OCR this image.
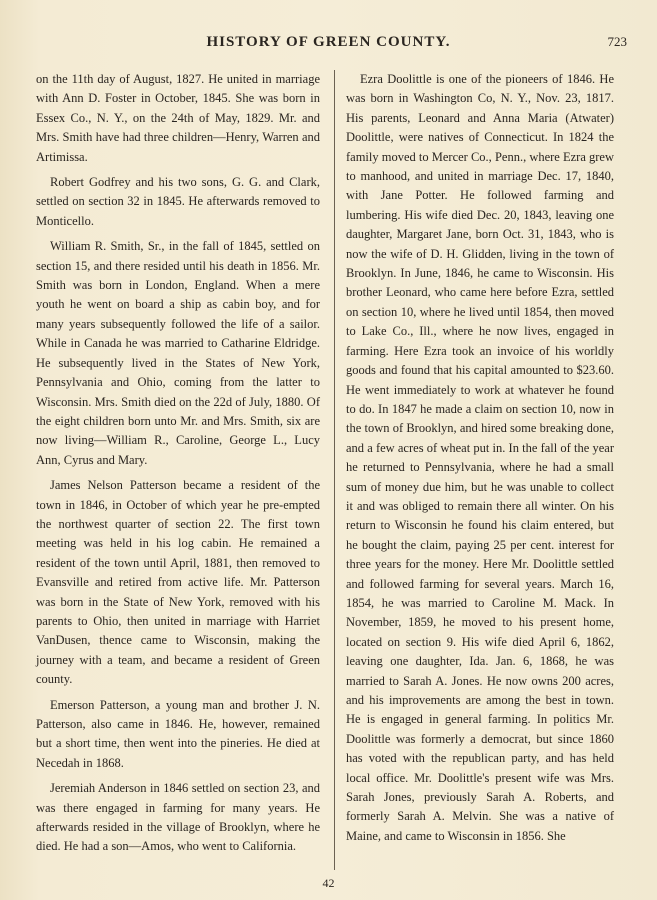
HISTORY OF GREEN COUNTY.	723

on the 11th day of August, 1827. He united in marriage with Ann D. Foster in October, 1845. She was born in Essex Co., N. Y., on the 24th of May, 1829. Mr. and Mrs. Smith have had three children—Henry, Warren and Artimissa.

Robert Godfrey and his two sons, G. G. and Clark, settled on section 32 in 1845. He afterwards removed to Monticello.

William R. Smith, Sr., in the fall of 1845, settled on section 15, and there resided until his death in 1856. Mr. Smith was born in London, England. When a mere youth he went on board a ship as cabin boy, and for many years subsequently followed the life of a sailor. While in Canada he was married to Catharine Eldridge. He subsequently lived in the States of New York, Pennsylvania and Ohio, coming from the latter to Wisconsin. Mrs. Smith died on the 22d of July, 1880. Of the eight children born unto Mr. and Mrs. Smith, six are now living—William R., Caroline, George L., Lucy Ann, Cyrus and Mary.

James Nelson Patterson became a resident of the town in 1846, in October of which year he pre-empted the northwest quarter of section 22. The first town meeting was held in his log cabin. He remained a resident of the town until April, 1881, then removed to Evansville and retired from active life. Mr. Patterson was born in the State of New York, removed with his parents to Ohio, then united in marriage with Harriet VanDusen, thence came to Wisconsin, making the journey with a team, and became a resident of Green county.

Emerson Patterson, a young man and brother J. N. Patterson, also came in 1846. He, however, remained but a short time, then went into the pineries. He died at Necedah in 1868.

Jeremiah Anderson in 1846 settled on section 23, and was there engaged in farming for many years. He afterwards resided in the village of Brooklyn, where he died. He had a son—Amos, who went to California.

Ezra Doolittle is one of the pioneers of 1846. He was born in Washington Co, N. Y., Nov. 23, 1817. His parents, Leonard and Anna Maria (Atwater) Doolittle, were natives of Connecticut. In 1824 the family moved to Mercer Co., Penn., where Ezra grew to manhood, and united in marriage Dec. 17, 1840, with Jane Potter. He followed farming and lumbering. His wife died Dec. 20, 1843, leaving one daughter, Margaret Jane, born Oct. 31, 1843, who is now the wife of D. H. Glidden, living in the town of Brooklyn. In June, 1846, he came to Wisconsin. His brother Leonard, who came here before Ezra, settled on section 10, where he lived until 1854, then moved to Lake Co., Ill., where he now lives, engaged in farming. Here Ezra took an invoice of his worldly goods and found that his capital amounted to $23.60. He went immediately to work at whatever he found to do. In 1847 he made a claim on section 10, now in the town of Brooklyn, and hired some breaking done, and a few acres of wheat put in. In the fall of the year he returned to Pennsylvania, where he had a small sum of money due him, but he was unable to collect it and was obliged to remain there all winter. On his return to Wisconsin he found his claim entered, but he bought the claim, paying 25 per cent. interest for three years for the money. Here Mr. Doolittle settled and followed farming for several years. March 16, 1854, he was married to Caroline M. Mack. In November, 1859, he moved to his present home, located on section 9. His wife died April 6, 1862, leaving one daughter, Ida. Jan. 6, 1868, he was married to Sarah A. Jones. He now owns 200 acres, and his improvements are among the best in town. He is engaged in general farming. In politics Mr. Doolittle was formerly a democrat, but since 1860 has voted with the republican party, and has held local office. Mr. Doolittle's present wife was Mrs. Sarah Jones, previously Sarah A. Roberts, and formerly Sarah A. Melvin. She was a native of Maine, and came to Wisconsin in 1856. She

42
